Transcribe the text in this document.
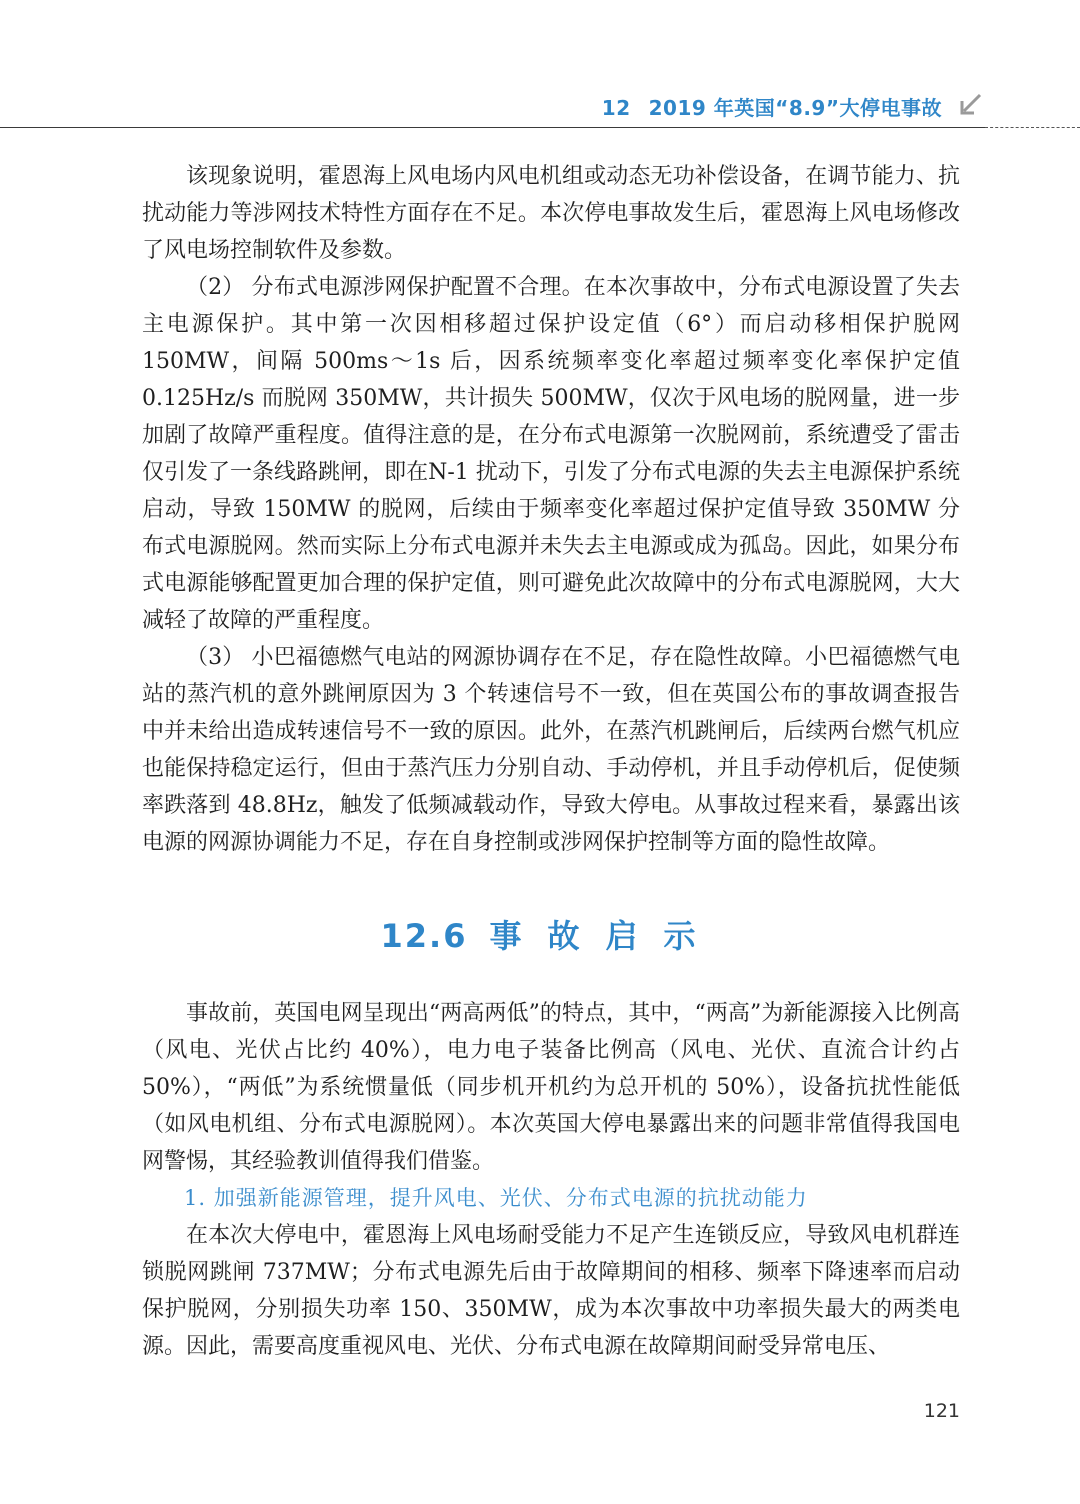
12 2019 年英国“8.9”大停电事故

该现象说明，霍恩海上风电场内风电机组或动态无功补偿设备，在调节能力、抗扰动能力等涉网技术特性方面存在不足。本次停电事故发生后，霍恩海上风电场修改了风电场控制软件及参数。

（2） 分布式电源涉网保护配置不合理。在本次事故中，分布式电源设置了失去主电源保护。其中第一次因相移超过保护设定值（6°）而启动移相保护脱网150MW，间隔 500ms～1s 后，因系统频率变化率超过频率变化率保护定值0.125Hz/s 而脱网 350MW，共计损失 500MW，仅次于风电场的脱网量，进一步加剧了故障严重程度。值得注意的是，在分布式电源第一次脱网前，系统遭受了雷击仅引发了一条线路跳闸，即在N-1 扰动下，引发了分布式电源的失去主电源保护系统启动，导致 150MW 的脱网，后续由于频率变化率超过保护定值导致 350MW 分布式电源脱网。然而实际上分布式电源并未失去主电源或成为孤岛。因此，如果分布式电源能够配置更加合理的保护定值，则可避免此次故障中的分布式电源脱网，大大减轻了故障的严重程度。

（3） 小巴福德燃气电站的网源协调存在不足，存在隐性故障。小巴福德燃气电站的蒸汽机的意外跳闸原因为 3 个转速信号不一致，但在英国公布的事故调查报告中并未给出造成转速信号不一致的原因。此外，在蒸汽机跳闸后，后续两台燃气机应也能保持稳定运行，但由于蒸汽压力分别自动、手动停机，并且手动停机后，促使频率跌落到 48.8Hz，触发了低频减载动作，导致大停电。从事故过程来看，暴露出该电源的网源协调能力不足，存在自身控制或涉网保护控制等方面的隐性故障。

12.6 事故启示

事故前，英国电网呈现出“两高两低”的特点，其中，“两高”为新能源接入比例高（风电、光伏占比约 40%），电力电子装备比例高（风电、光伏、直流合计约占 50%），“两低”为系统惯量低（同步机开机约为总开机的 50%），设备抗扰性能低（如风电机组、分布式电源脱网）。本次英国大停电暴露出来的问题非常值得我国电网警惕，其经验教训值得我们借鉴。

1. 加强新能源管理，提升风电、光伏、分布式电源的抗扰动能力

在本次大停电中，霍恩海上风电场耐受能力不足产生连锁反应，导致风电机群连锁脱网跳闸 737MW；分布式电源先后由于故障期间的相移、频率下降速率而启动保护脱网，分别损失功率 150、350MW，成为本次事故中功率损失最大的两类电源。因此，需要高度重视风电、光伏、分布式电源在故障期间耐受异常电压、

121
